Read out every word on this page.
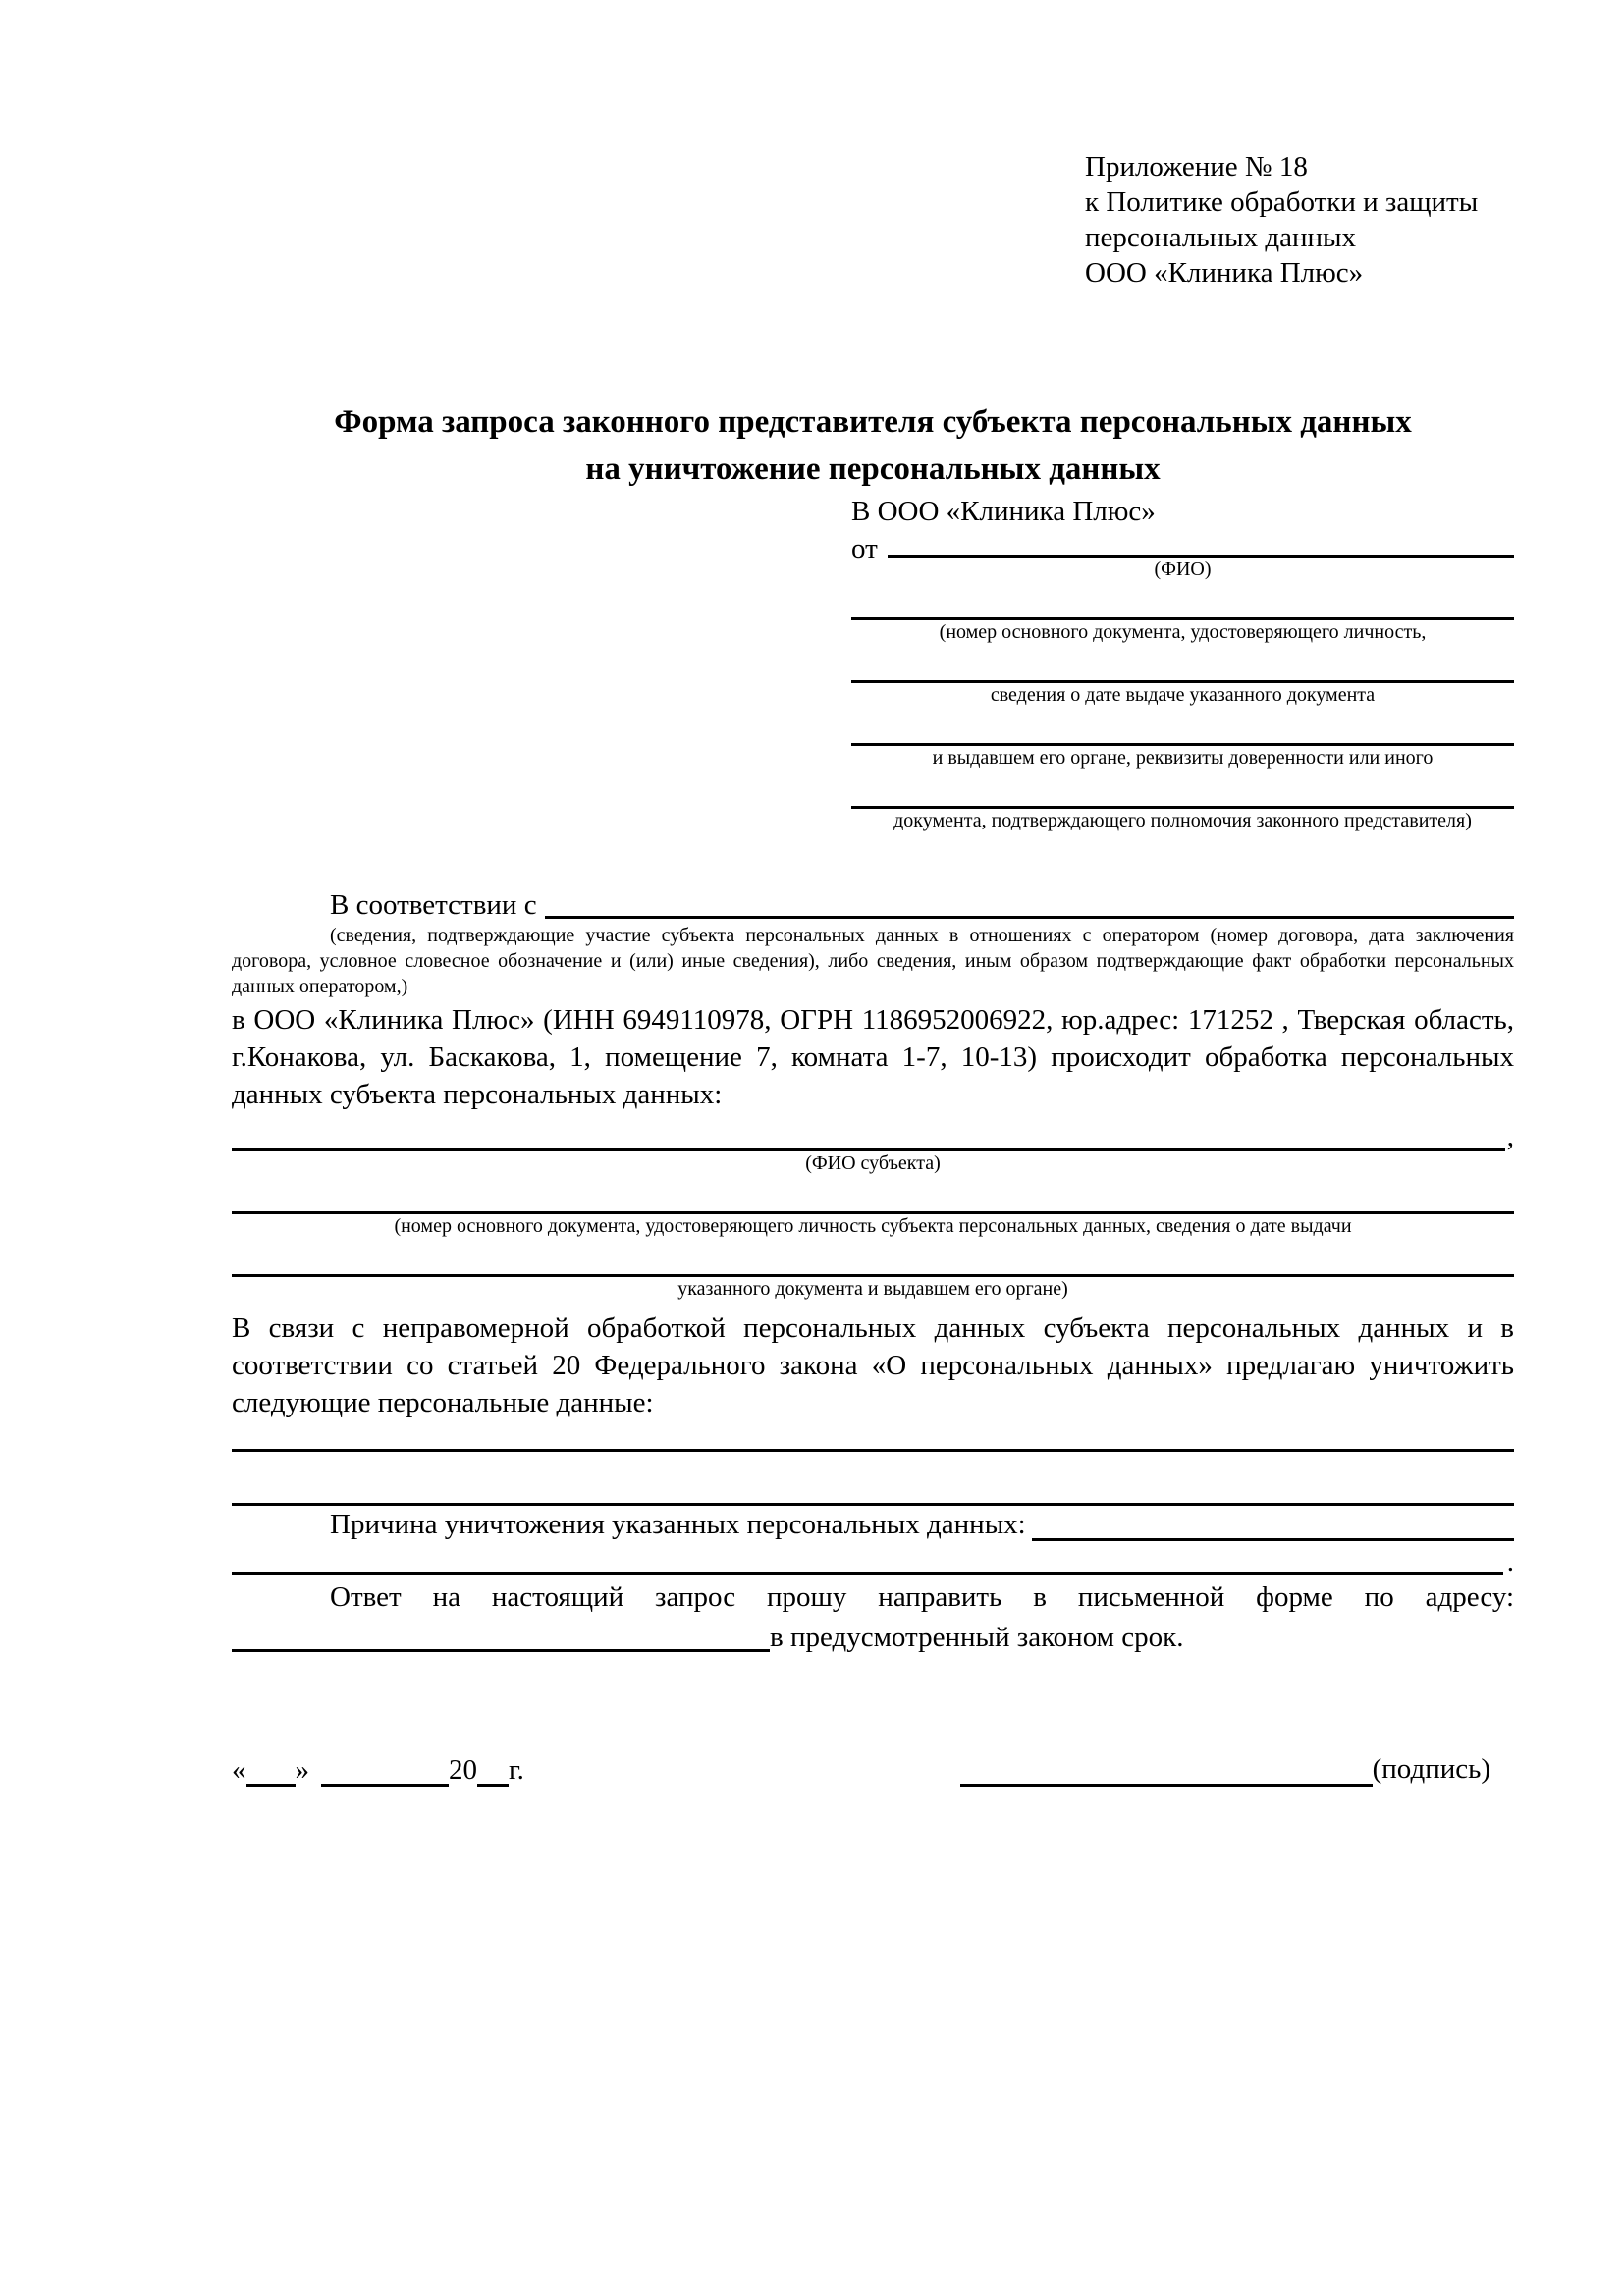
Приложение № 18
к Политике обработки и защиты
персональных данных
ООО «Клиника Плюс»
Форма запроса законного представителя субъекта персональных данных
на уничтожение персональных данных
В ООО «Клиника Плюс»
от
(ФИО)
(номер основного документа, удостоверяющего личность,
сведения о дате выдаче указанного документа
и выдавшем его органе, реквизиты доверенности или иного
документа, подтверждающего полномочия законного представителя)
В соответствии с
(сведения, подтверждающие участие субъекта персональных данных в отношениях с оператором (номер договора, дата заключения договора, условное словесное обозначение и (или) иные сведения), либо сведения, иным образом подтверждающие факт обработки персональных данных оператором,)
в ООО «Клиника Плюс» (ИНН 6949110978, ОГРН 1186952006922, юр.адрес: 171252 , Тверская область, г.Конакова, ул. Баскакова, 1, помещение 7, комната 1-7, 10-13) происходит обработка персональных данных субъекта персональных данных:
,
(ФИО субъекта)
(номер основного документа, удостоверяющего личность субъекта персональных данных, сведения о дате выдачи
указанного документа и выдавшем его органе)
В связи с неправомерной обработкой персональных данных субъекта персональных данных и в соответствии со статьей 20 Федерального закона «О персональных данных» предлагаю уничтожить следующие персональные данные:
Причина уничтожения указанных персональных данных:
.
Ответ на настоящий запрос прошу направить в письменной форме по адресу:
в предусмотренный законом срок.
« »	20 г.	(подпись)
